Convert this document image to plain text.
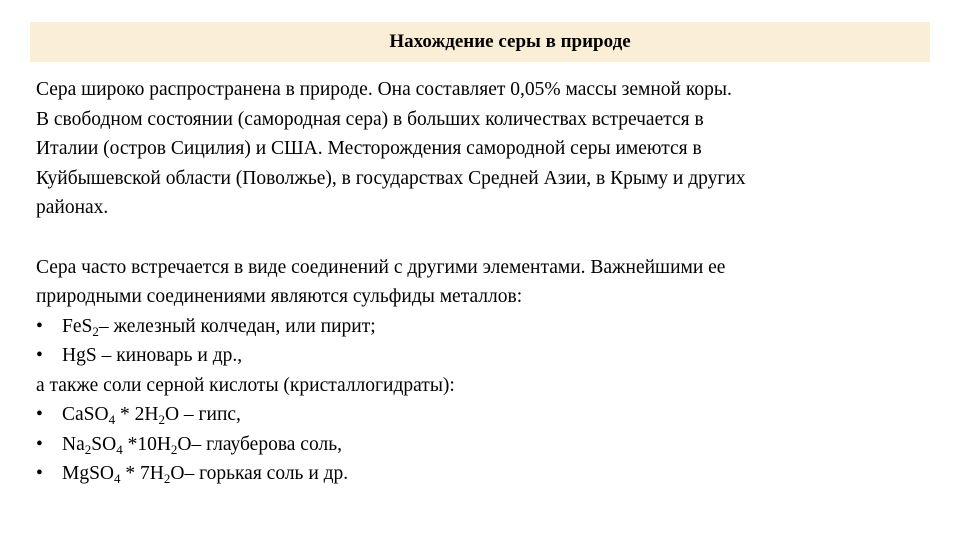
Нахождение серы в природе
Сера широко распространена в природе. Она составляет 0,05% массы земной коры.
В свободном состоянии (самородная сера) в больших количествах встречается в
Италии (остров Сицилия) и США. Месторождения самородной серы имеются в
Куйбышевской области (Поволжье), в государствах Средней Азии, в Крыму и других
районах.
Сера часто встречается в виде соединений с другими элементами. Важнейшими ее
природными соединениями являются сульфиды металлов:
• FeS$_2$– железный колчедан, или пирит;
• HgS – киноварь и др.,
а также соли серной кислоты (кристаллогидраты):
• CaSO$_4$ * $2H_2O$ – гипс,
• $Na_2SO_4$ $*10H_2O-$ глауберова соль,
• MgSO$_4$ * $7H_2O-$ горькая соль и др.
